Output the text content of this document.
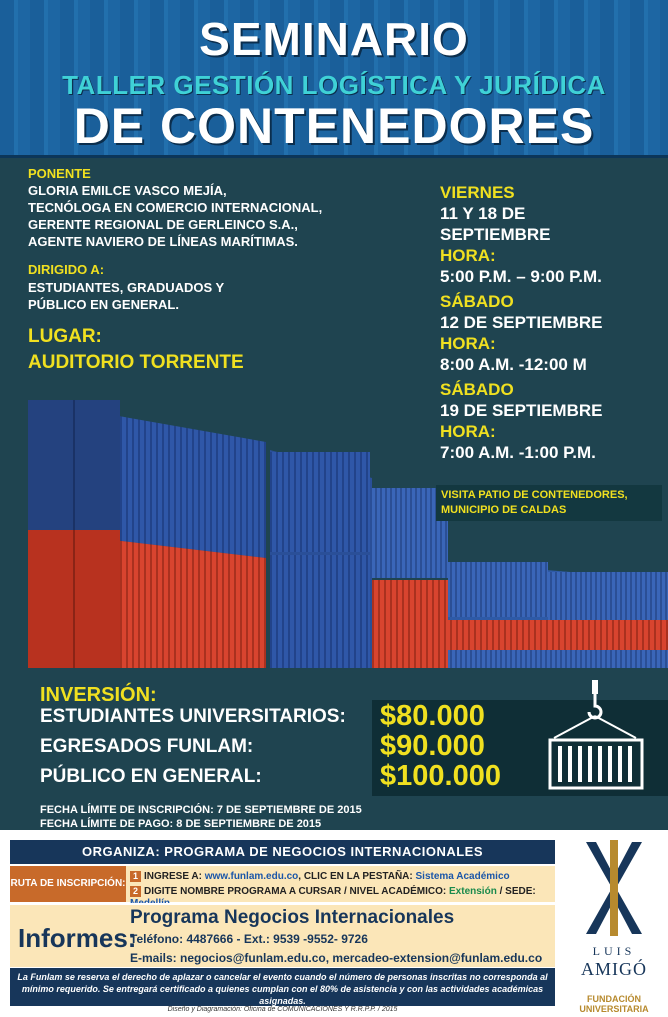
SEMINARIO
TALLER GESTIÓN LOGÍSTICA Y JURÍDICA
DE CONTENEDORES
PONENTE
GLORIA EMILCE VASCO MEJÍA,
TECNÓLOGA EN COMERCIO INTERNACIONAL,
GERENTE REGIONAL DE GERLEINCO S.A.,
AGENTE NAVIERO DE LÍNEAS MARÍTIMAS.
DIRIGIDO A:
ESTUDIANTES, GRADUADOS Y
PÚBLICO EN GENERAL.
LUGAR:
AUDITORIO TORRENTE
VIERNES
11 Y 18 DE
SEPTIEMBRE
HORA:
5:00 P.M. – 9:00 P.M.
SÁBADO
12 DE SEPTIEMBRE
HORA:
8:00 A.M. -12:00 M
SÁBADO
19 DE SEPTIEMBRE
HORA:
7:00 A.M. -1:00 P.M.
VISITA PATIO DE CONTENEDORES,
MUNICIPIO DE CALDAS
INVERSIÓN:
ESTUDIANTES UNIVERSITARIOS:
EGRESADOS FUNLAM:
PÚBLICO EN GENERAL:
$80.000
$90.000
$100.000
FECHA LÍMITE DE INSCRIPCIÓN: 7 DE SEPTIEMBRE DE 2015
FECHA LÍMITE DE PAGO: 8 DE SEPTIEMBRE DE 2015
ORGANIZA: PROGRAMA DE NEGOCIOS INTERNACIONALES
RUTA DE INSCRIPCIÓN:
1 INGRESE A: www.funlam.edu.co, CLIC EN LA PESTAÑA: Sistema Académico
2 DIGITE NOMBRE PROGRAMA A CURSAR / NIVEL ACADÉMICO: Extensión / SEDE:
Informes:
Programa Negocios Internacionales
Teléfono: 4487666 - Ext.: 9539 -9552- 9726
E-mails: negocios@funlam.edu.co, mercadeo-extension@funlam.edu.co
La Funlam se reserva el derecho de aplazar o cancelar el evento cuando el número de personas inscritas no corresponda al mínimo requerido. Se entregará certificado a quienes cumplan con el 80% de asistencia y con las actividades académicas asignadas.
Diseño y Diagramación: Oficina de COMUNICACIONES Y R.R.P.P. / 2015
LUIS
AMIGÓ
FUNDACIÓN
UNIVERSITARIA
